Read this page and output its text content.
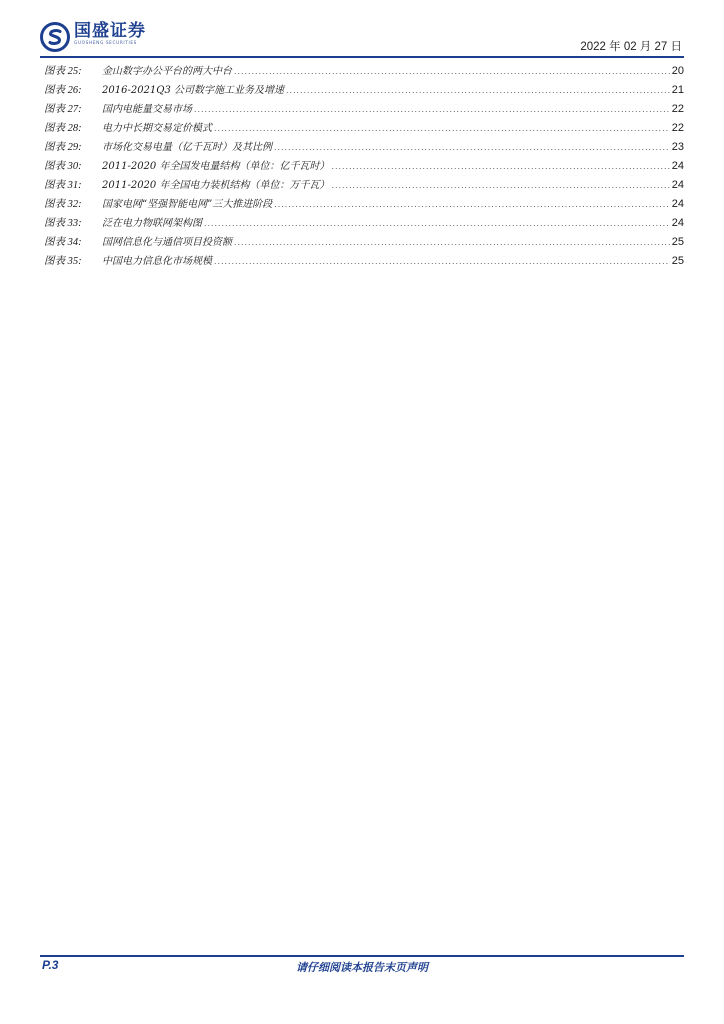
国盛证券
GUOSHENG SECURITIES	2022 年 02 月 27 日
图表 25:	金山数字办公平台的两大中台 .....	20
图表 26:	2016-2021Q3 公司数字施工业务及增速 .....	21
图表 27:	国内电能量交易市场 .....	22
图表 28:	电力中长期交易定价模式 .....	22
图表 29:	市场化交易电量（亿千瓦时）及其比例 .....	23
图表 30:	2011-2020 年全国发电量结构（单位：亿千瓦时） .....	24
图表 31:	2011-2020 年全国电力装机结构（单位：万千瓦） .....	24
图表 32:	国家电网“坚强智能电网”三大推进阶段 .....	24
图表 33:	泛在电力物联网架构图 .....	24
图表 34:	国网信息化与通信项目投资额 .....	25
图表 35:	中国电力信息化市场规模 .....	25
P.3	请仔细阅读本报告末页声明
